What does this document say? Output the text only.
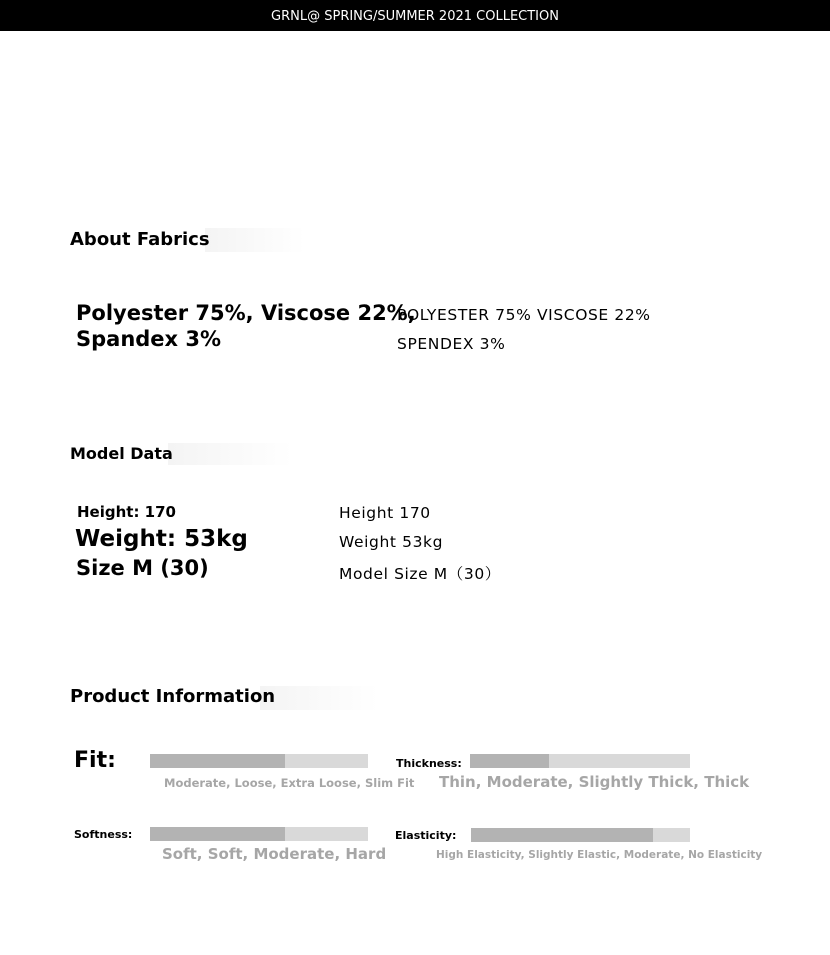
GRNL@ SPRING/SUMMER 2021 COLLECTION
About Fabrics
Polyester 75%, Viscose 22%,
Spandex 3%
POLYESTER 75% VISCOSE 22%
SPENDEX 3%
Model Data
Height: 170
Weight: 53kg
Size M (30)
Height 170
Weight 53kg
Model Size M（30）
Product Information
Fit:
Moderate, Loose, Extra Loose, Slim Fit
Thickness:
Thin, Moderate, Slightly Thick, Thick
Softness:
Soft, Soft, Moderate, Hard
Elasticity:
High Elasticity, Slightly Elastic, Moderate, No Elasticity
